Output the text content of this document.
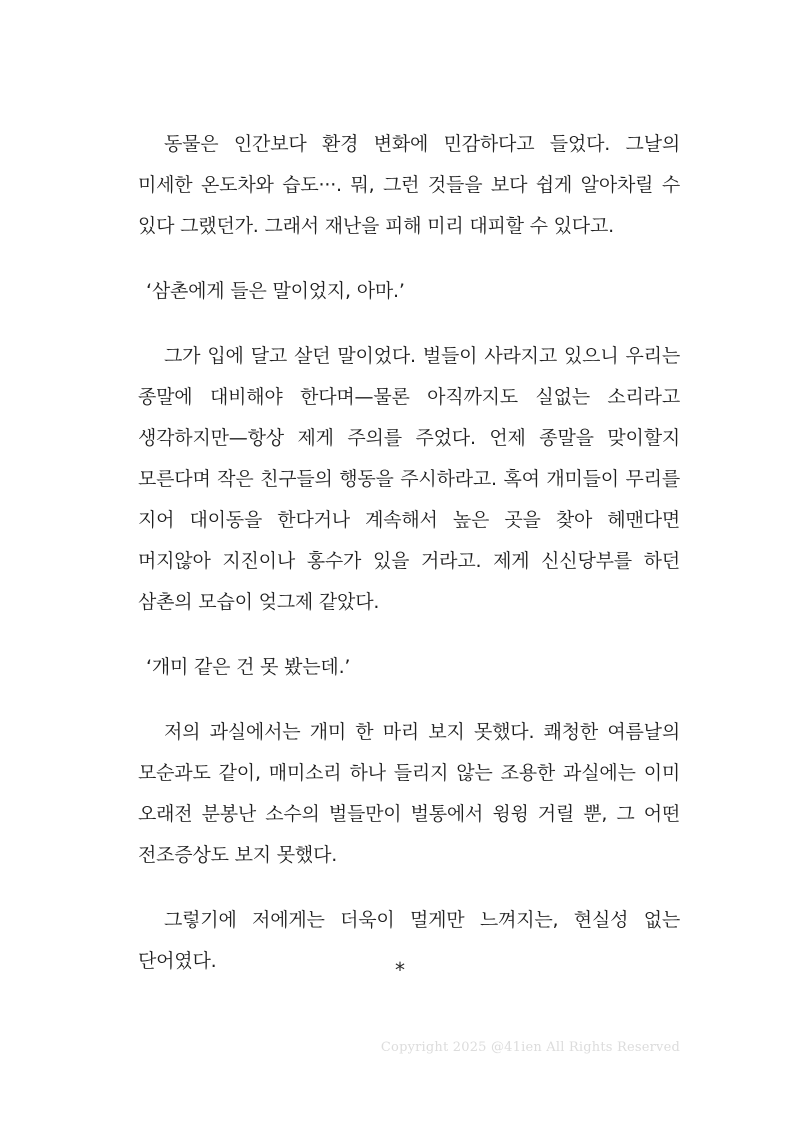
동물은 인간보다 환경 변화에 민감하다고 들었다. 그날의 미세한 온도차와 습도···. 뭐, 그런 것들을 보다 쉽게 알아차릴 수 있다 그랬던가. 그래서 재난을 피해 미리 대피할 수 있다고.

‘삼촌에게 들은 말이었지, 아마.’

그가 입에 달고 살던 말이었다. 벌들이 사라지고 있으니 우리는 종말에 대비해야 한다며—물론 아직까지도 실없는 소리라고 생각하지만—항상 제게 주의를 주었다. 언제 종말을 맞이할지 모른다며 작은 친구들의 행동을 주시하라고. 혹여 개미들이 무리를 지어 대이동을 한다거나 계속해서 높은 곳을 찾아 헤맨다면 머지않아 지진이나 홍수가 있을 거라고. 제게 신신당부를 하던 삼촌의 모습이 엊그제 같았다.

‘개미 같은 건 못 봤는데.’

저의 과실에서는 개미 한 마리 보지 못했다. 쾌청한 여름날의 모순과도 같이, 매미소리 하나 들리지 않는 조용한 과실에는 이미 오래전 분봉난 소수의 벌들만이 벌통에서 윙윙 거릴 뿐, 그 어떤 전조증상도 보지 못했다.

그렇기에 저에게는 더욱이 멀게만 느껴지는, 현실성 없는 단어였다.	*
Copyright 2025 @41ien All Rights Reserved
